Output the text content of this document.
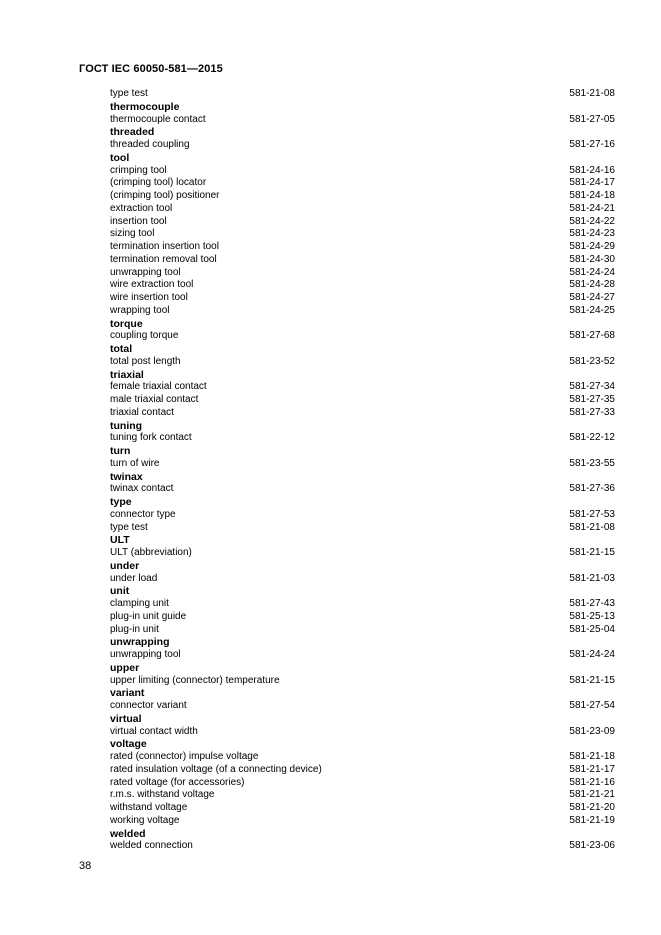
ГОСТ IEC 60050-581—2015
type test	581-21-08
thermocouple
thermocouple contact	581-27-05
threaded
threaded coupling	581-27-16
tool
crimping tool	581-24-16
(crimping tool) locator	581-24-17
(crimping tool) positioner	581-24-18
extraction tool	581-24-21
insertion tool	581-24-22
sizing tool	581-24-23
termination insertion tool	581-24-29
termination removal tool	581-24-30
unwrapping tool	581-24-24
wire extraction tool	581-24-28
wire insertion tool	581-24-27
wrapping tool	581-24-25
torque
coupling torque	581-27-68
total
total post length	581-23-52
triaxial
female triaxial contact	581-27-34
male triaxial contact	581-27-35
triaxial contact	581-27-33
tuning
tuning fork contact	581-22-12
turn
turn of wire	581-23-55
twinax
twinax contact	581-27-36
type
connector type	581-27-53
type test	581-21-08
ULT
ULT (abbreviation)	581-21-15
under
under load	581-21-03
unit
clamping unit	581-27-43
plug-in unit guide	581-25-13
plug-in unit	581-25-04
unwrapping
unwrapping tool	581-24-24
upper
upper limiting (connector) temperature	581-21-15
variant
connector variant	581-27-54
virtual
virtual contact width	581-23-09
voltage
rated (connector) impulse voltage	581-21-18
rated insulation voltage (of a connecting device)	581-21-17
rated voltage (for accessories)	581-21-16
r.m.s. withstand voltage	581-21-21
withstand voltage	581-21-20
working voltage	581-21-19
welded
welded connection	581-23-06
38
